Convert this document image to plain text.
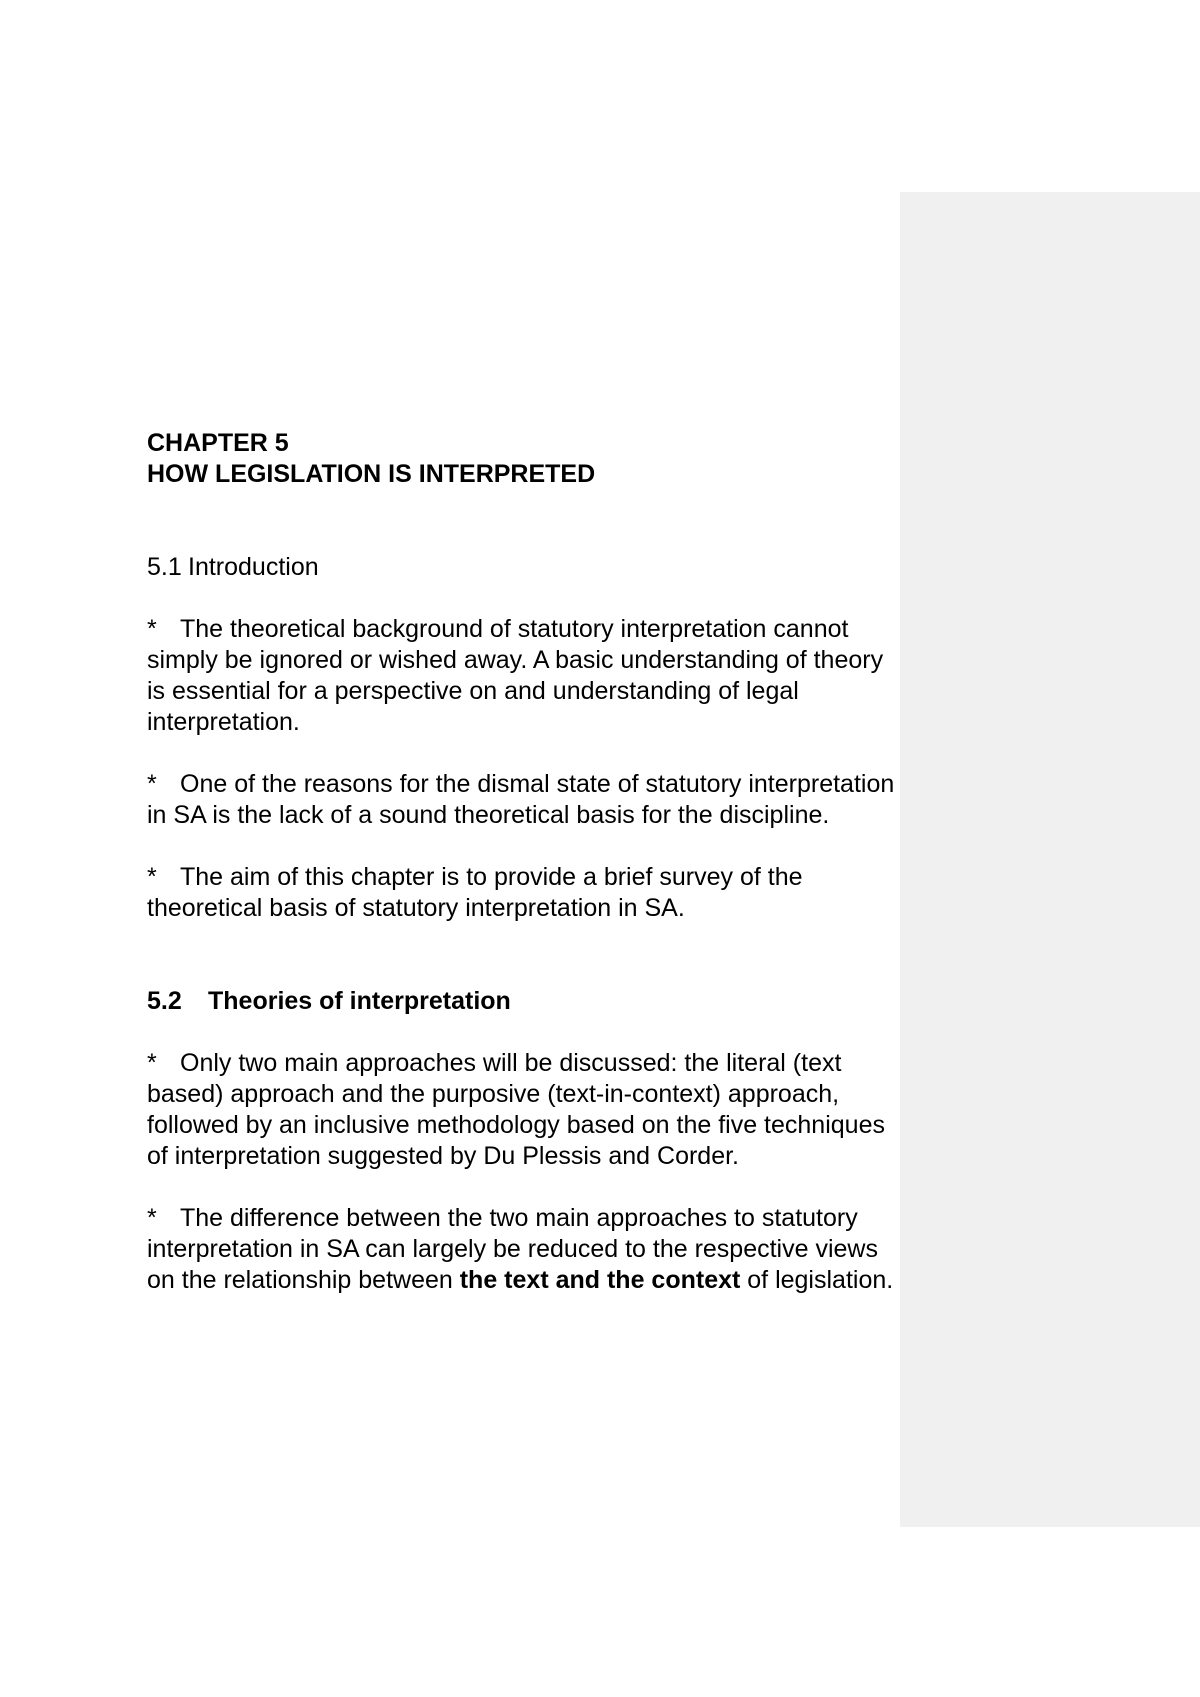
CHAPTER 5

HOW LEGISLATION IS INTERPRETED

5.1 Introduction

* The theoretical background of statutory interpretation cannot simply be ignored or wished away. A basic understanding of theory is essential for a perspective on and understanding of legal interpretation.

* One of the reasons for the dismal state of statutory interpretation in SA is the lack of a sound theoretical basis for the discipline.

* The aim of this chapter is to provide a brief survey of the theoretical basis of statutory interpretation in SA.

5.2 Theories of interpretation

* Only two main approaches will be discussed: the literal (text based) approach and the purposive (text-in-context) approach, followed by an inclusive methodology based on the five techniques of interpretation suggested by Du Plessis and Corder.

* The difference between the two main approaches to statutory interpretation in SA can largely be reduced to the respective views on the relationship between the text and the context of legislation.
